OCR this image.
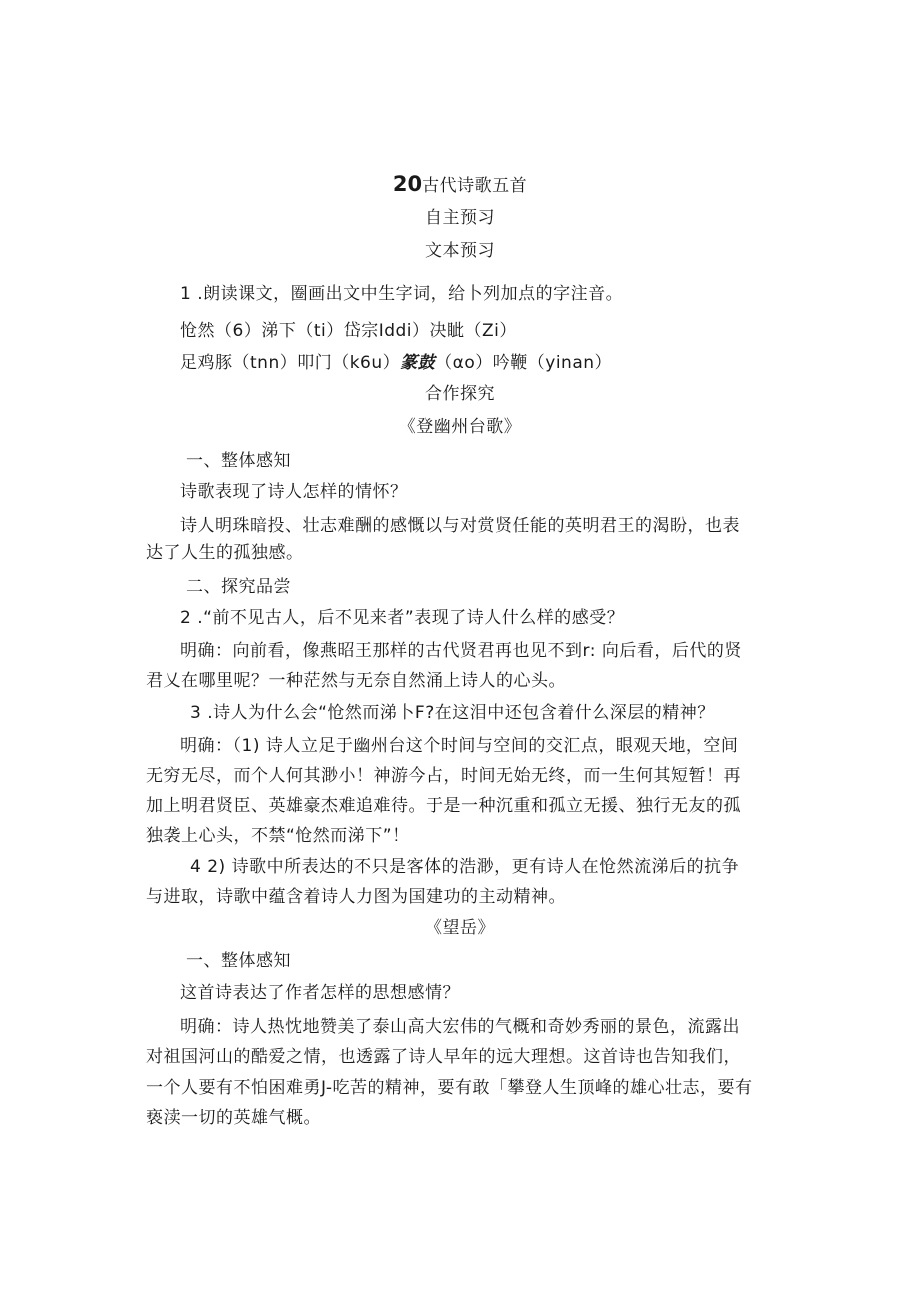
20古代诗歌五首
自主预习
文本预习
1 .朗读课文，圈画出文中生字词，给卜列加点的字注音。
怆然（6）涕下（ti）岱宗Iddi）决眦（Zi）
足鸡豚（tnn）叩门（k6u）篆鼓（αo）吟鞭（yinan）
合作探究
《登幽州台歌》
一、整体感知
诗歌表现了诗人怎样的情怀？
诗人明珠暗投、壮志难酬的感慨以与对赏贤任能的英明君王的渴盼，也表
达了人生的孤独感。
二、探究品尝
2 .“前不见古人，后不见来者”表现了诗人什么样的感受？
明确：向前看，像燕昭王那样的古代贤君再也见不到r: 向后看，后代的贤
君乂在哪里呢？一种茫然与无奈自然涌上诗人的心头。
3 .诗人为什么会“怆然而涕卜F?在这泪中还包含着什么深层的精神？
明确：（1) 诗人立足于幽州台这个时间与空间的交汇点，眼观天地，空间
无穷无尽，而个人何其渺小！神游今占，时间无始无终，而一生何其短暂！再
加上明君贤臣、英雄豪杰难追难待。于是一种沉重和孤立无援、独行无友的孤
独袭上心头，不禁“怆然而涕下”！
4 2) 诗歌中所表达的不只是客体的浩渺，更有诗人在怆然流涕后的抗争
与进取，诗歌中蕴含着诗人力图为国建功的主动精神。
《望岳》
一、整体感知
这首诗表达了作者怎样的思想感情？
明确：诗人热忱地赞美了泰山高大宏伟的气概和奇妙秀丽的景色，流露出
对祖国河山的酷爱之情，也透露了诗人早年的远大理想。这首诗也告知我们，
一个人要有不怕困难勇J-吃苦的精神，要有敢「攀登人生顶峰的雄心壮志，要有
亵渎一切的英雄气概。
